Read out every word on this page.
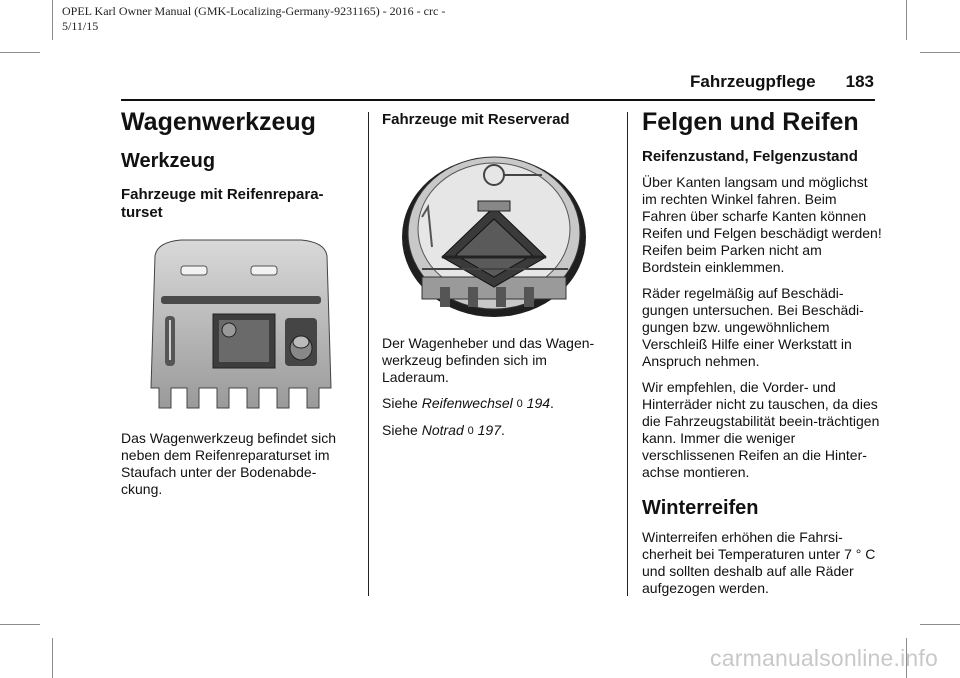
OPEL Karl Owner Manual (GMK-Localizing-Germany-9231165) - 2016 - crc -
5/11/15
Fahrzeugpflege 183
Wagenwerkzeug
Werkzeug
Fahrzeuge mit Reifenrepara-
turset

Das Wagenwerkzeug befindet sich neben dem Reifenreparaturset im Staufach unter der Bodenabde-ckung.

Fahrzeuge mit Reserverad

Der Wagenheber und das Wagen-werkzeug befinden sich im Laderaum.

Siehe Reifenwechsel 0 194.

Siehe Notrad 0 197.

Felgen und Reifen
Reifenzustand, Felgenzustand

Über Kanten langsam und möglichst im rechten Winkel fahren. Beim Fahren über scharfe Kanten können Reifen und Felgen beschädigt werden! Reifen beim Parken nicht am Bordstein einklemmen.

Räder regelmäßig auf Beschädi-gungen untersuchen. Bei Beschädi-gungen bzw. ungewöhnlichem Verschleiß Hilfe einer Werkstatt in Anspruch nehmen.

Wir empfehlen, die Vorder- und Hinterräder nicht zu tauschen, da dies die Fahrzeugstabilität beein-trächtigen kann. Immer die weniger verschlissenen Reifen an die Hinter-achse montieren.

Winterreifen

Winterreifen erhöhen die Fahrsi-cherheit bei Temperaturen unter 7 ° C und sollten deshalb auf alle Räder aufgezogen werden.

carmanualsonline.info
